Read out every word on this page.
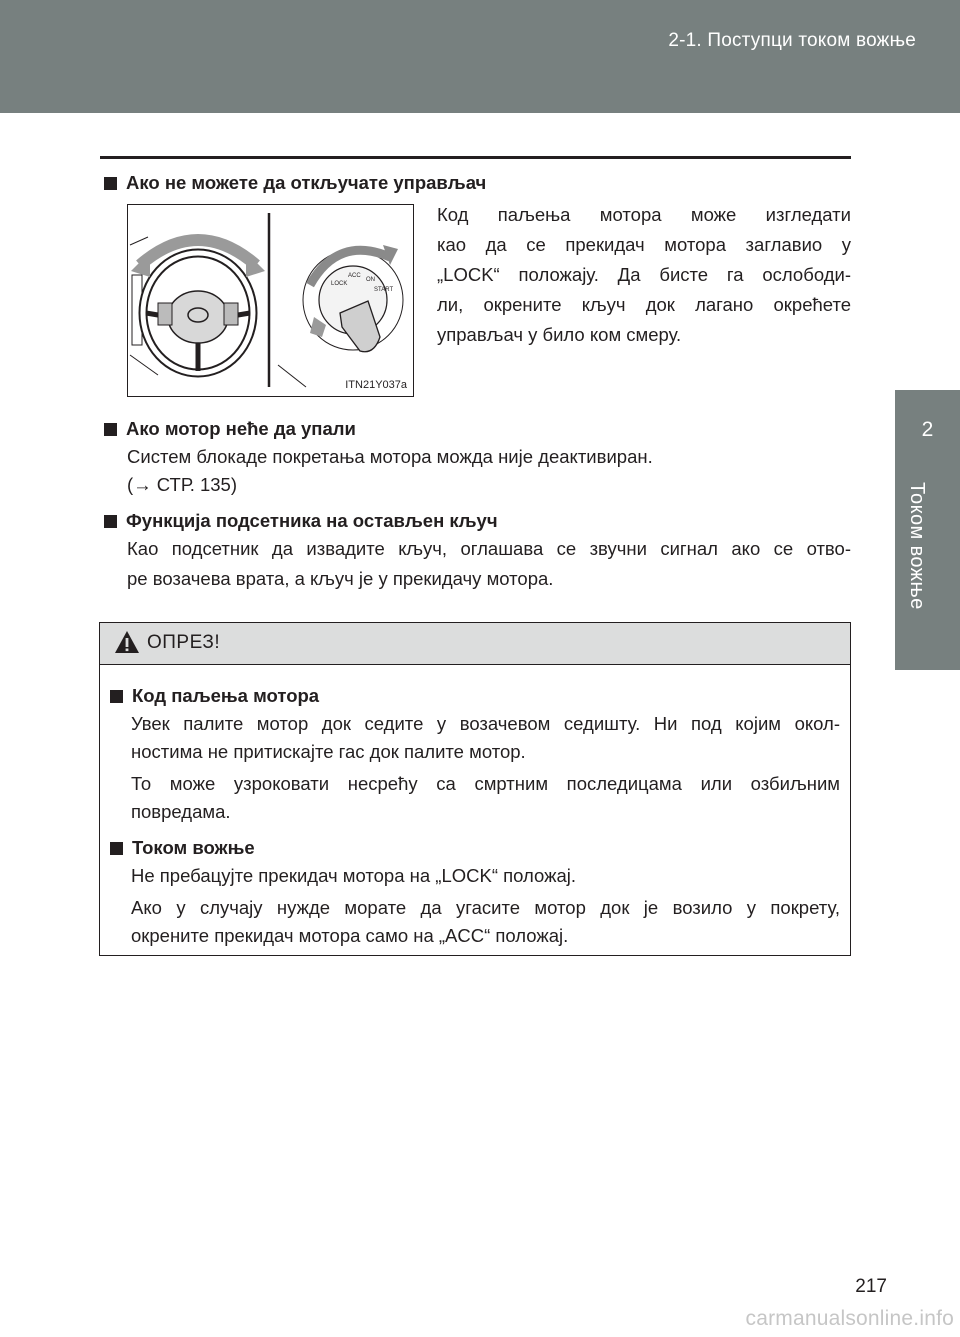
2-1. Поступци током вожње
2
Током вожње
Ако не можете да откључате управљач
Код паљења мотора може изгледати
као да се прекидач мотора заглавио у
„LOCK“ положају. Да бисте га ослободи-
ли, окрените кључ док лагано окрећете
управљач у било ком смеру.
LOCK
ACC
ON
START
ITN21Y037a
Ако мотор неће да упали
Систем блокаде покретања мотора можда није деактивиран.
(→ СТР. 135)
Функција подсетника на остављен кључ
Као подсетник да извадите кључ, оглашава се звучни сигнал ако се отво-
ре возачева врата, а кључ је у прекидачу мотора.
ОПРЕЗ!
Код паљења мотора
Увек палите мотор док седите у возачевом седишту. Ни под којим окол-
ностима не притискајте гас док палите мотор.
То може узроковати несрећу са смртним последицама или озбиљним
повредама.
Током вожње
Не пребацујте прекидач мотора на „LOCK“ положај.
Ако у случају нужде морате да угасите мотор док је возило у покрету,
окрените прекидач мотора само на „ACC“ положај.
217
carmanualsonline.info
